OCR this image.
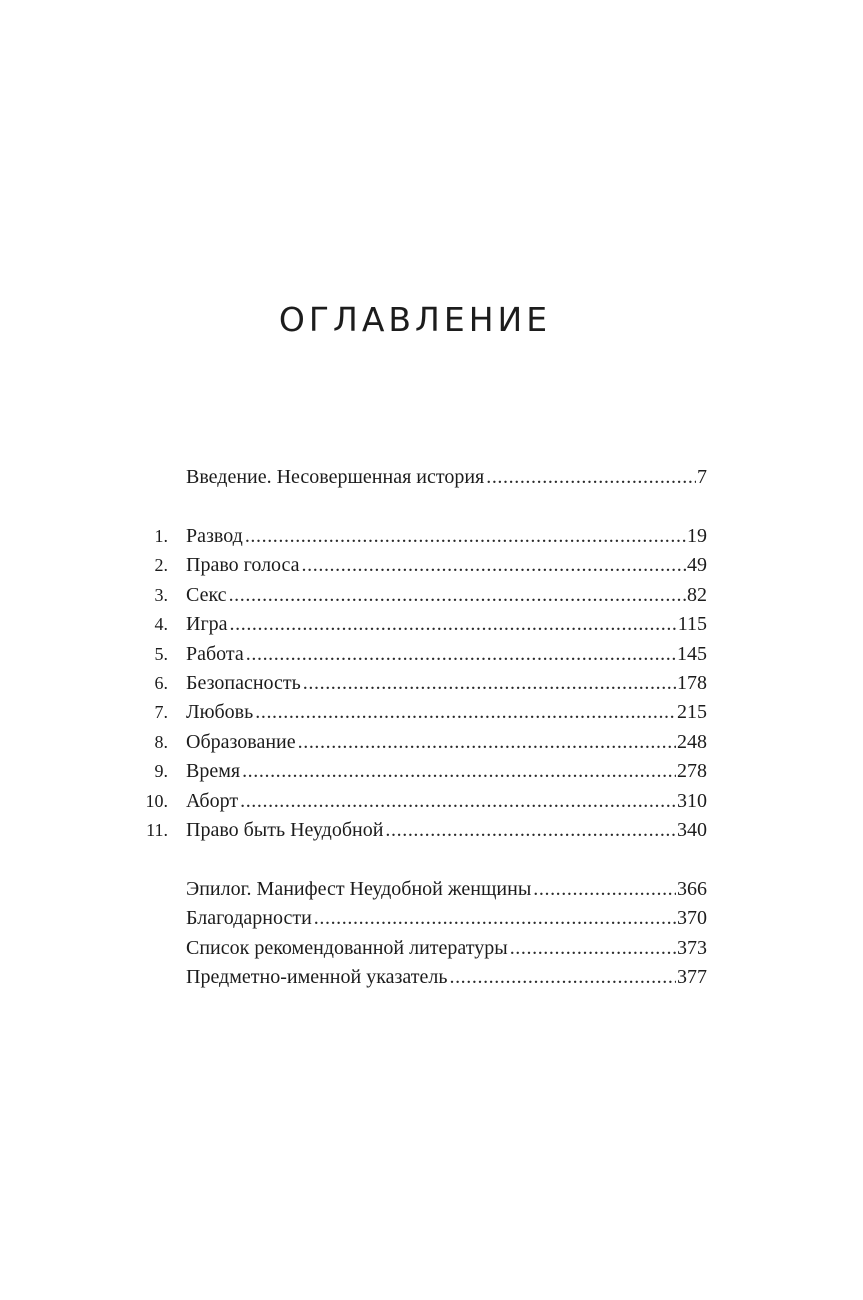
ОГЛАВЛЕНИЕ
Введение. Несовершенная история .....	7
1. Развод .....	19
2. Право голоса .....	49
3. Секс .....	82
4. Игра .....	115
5. Работа .....	145
6. Безопасность .....	178
7. Любовь .....	215
8. Образование .....	248
9. Время .....	278
10. Аборт .....	310
11. Право быть Неудобной .....	340
Эпилог. Манифест Неудобной женщины .....	366
Благодарности .....	370
Список рекомендованной литературы .....	373
Предметно-именной указатель .....	377
